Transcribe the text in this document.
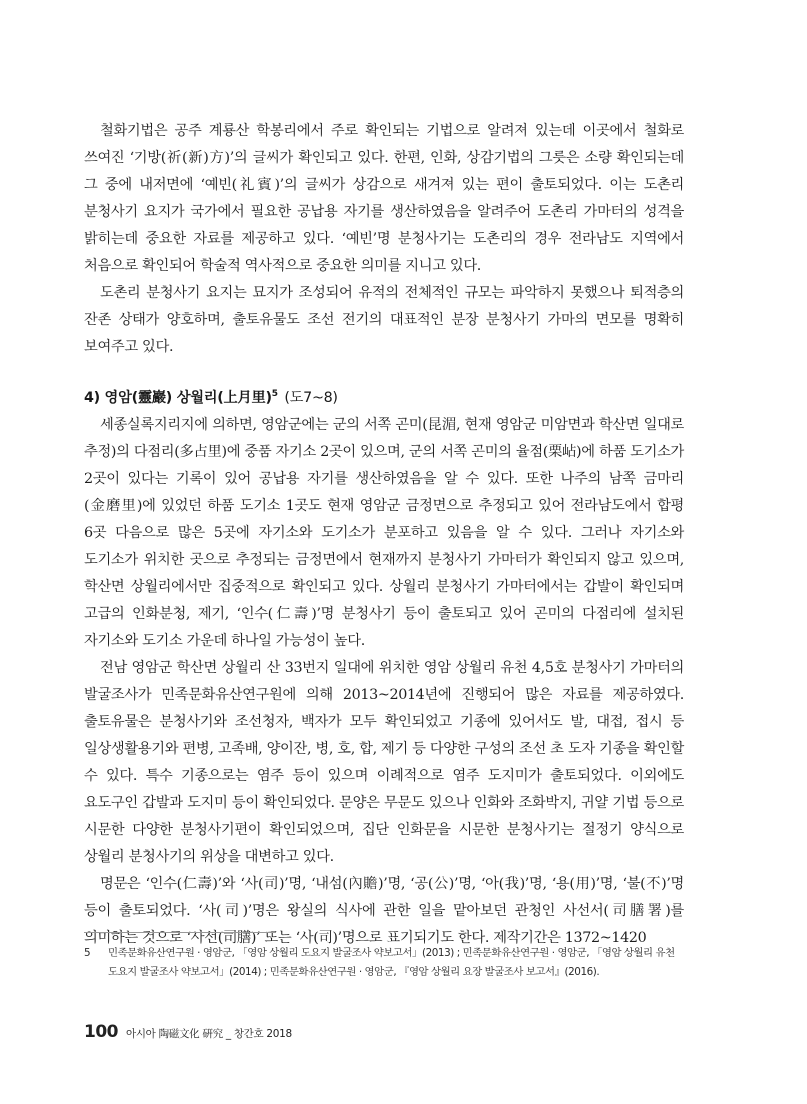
철화기법은 공주 계룡산 학봉리에서 주로 확인되는 기법으로 알려져 있는데 이곳에서 철화로 쓰여진 ‘기방(祈(新)方)’의 글씨가 확인되고 있다. 한편, 인화, 상감기법의 그릇은 소량 확인되는데 그 중에 내저면에 ‘예빈(礼賓)’의 글씨가 상감으로 새겨져 있는 편이 출토되었다. 이는 도촌리 분청사기 요지가 국가에서 필요한 공납용 자기를 생산하였음을 알려주어 도촌리 가마터의 성격을 밝히는데 중요한 자료를 제공하고 있다. ‘예빈’명 분청사기는 도촌리의 경우 전라남도 지역에서 처음으로 확인되어 학술적 역사적으로 중요한 의미를 지니고 있다.

도촌리 분청사기 요지는 묘지가 조성되어 유적의 전체적인 규모는 파악하지 못했으나 퇴적층의 잔존 상태가 양호하며, 출토유물도 조선 전기의 대표적인 분장 분청사기 가마의 면모를 명확히 보여주고 있다.

4) 영암(靈巖) 상월리(上月里)$^5$ (도7~8)

세종실록지리지에 의하면, 영암군에는 군의 서쪽 곤미(昆湄, 현재 영암군 미암면과 학산면 일대로 추정)의 다점리(多占里)에 중품 자기소 2곳이 있으며, 군의 서쪽 곤미의 율점(栗岾)에 하품 도기소가 2곳이 있다는 기록이 있어 공납용 자기를 생산하였음을 알 수 있다. 또한 나주의 남쪽 금마리(金磨里)에 있었던 하품 도기소 1곳도 현재 영암군 금정면으로 추정되고 있어 전라남도에서 합평 6곳 다음으로 많은 5곳에 자기소와 도기소가 분포하고 있음을 알 수 있다. 그러나 자기소와 도기소가 위치한 곳으로 추정되는 금정면에서 현재까지 분청사기 가마터가 확인되지 않고 있으며, 학산면 상월리에서만 집중적으로 확인되고 있다. 상월리 분청사기 가마터에서는 갑발이 확인되며 고급의 인화분청, 제기, ‘인수(仁壽)’명 분청사기 등이 출토되고 있어 곤미의 다점리에 설치된 자기소와 도기소 가운데 하나일 가능성이 높다.

전남 영암군 학산면 상월리 산 33번지 일대에 위치한 영암 상월리 유천 4,5호 분청사기 가마터의 발굴조사가 민족문화유산연구원에 의해 2013~2014년에 진행되어 많은 자료를 제공하였다. 출토유물은 분청사기와 조선청자, 백자가 모두 확인되었고 기종에 있어서도 발, 대접, 접시 등 일상생활용기와 편병, 고족배, 양이잔, 병, 호, 합, 제기 등 다양한 구성의 조선 초 도자 기종을 확인할 수 있다. 특수 기종으로는 염주 등이 있으며 이례적으로 염주 도지미가 출토되었다. 이외에도 요도구인 갑발과 도지미 등이 확인되었다. 문양은 무문도 있으나 인화와 조화박지, 귀얄 기법 등으로 시문한 다양한 분청사기편이 확인되었으며, 집단 인화문을 시문한 분청사기는 절정기 양식으로 상월리 분청사기의 위상을 대변하고 있다.

명문은 ‘인수(仁壽)’와 ‘사(司)’명, ‘내섬(內贍)’명, ‘공(公)’명, ‘아(我)’명, ‘용(用)’명, ‘불(不)’명 등이 출토되었다. ‘사(司)’명은 왕실의 식사에 관한 일을 맡아보던 관청인 사선서(司膳署)를 의미하는 것으로 ‘사선(司膳)’ 또는 ‘사(司)’명으로 표기되기도 한다. 제작기간은 1372~1420

5	민족문화유산연구원 · 영암군, 「영암 상월리 도요지 발굴조사 약보고서」(2013) ; 민족문화유산연구원 · 영암군, 「영암 상월리 유천 도요지 발굴조사 약보고서」(2014) ; 민족문화유산연구원 · 영암군, 『영암 상월리 요장 발굴조사 보고서』(2016).
100 아시아 陶磁文化 硏究 _ 창간호 2018
